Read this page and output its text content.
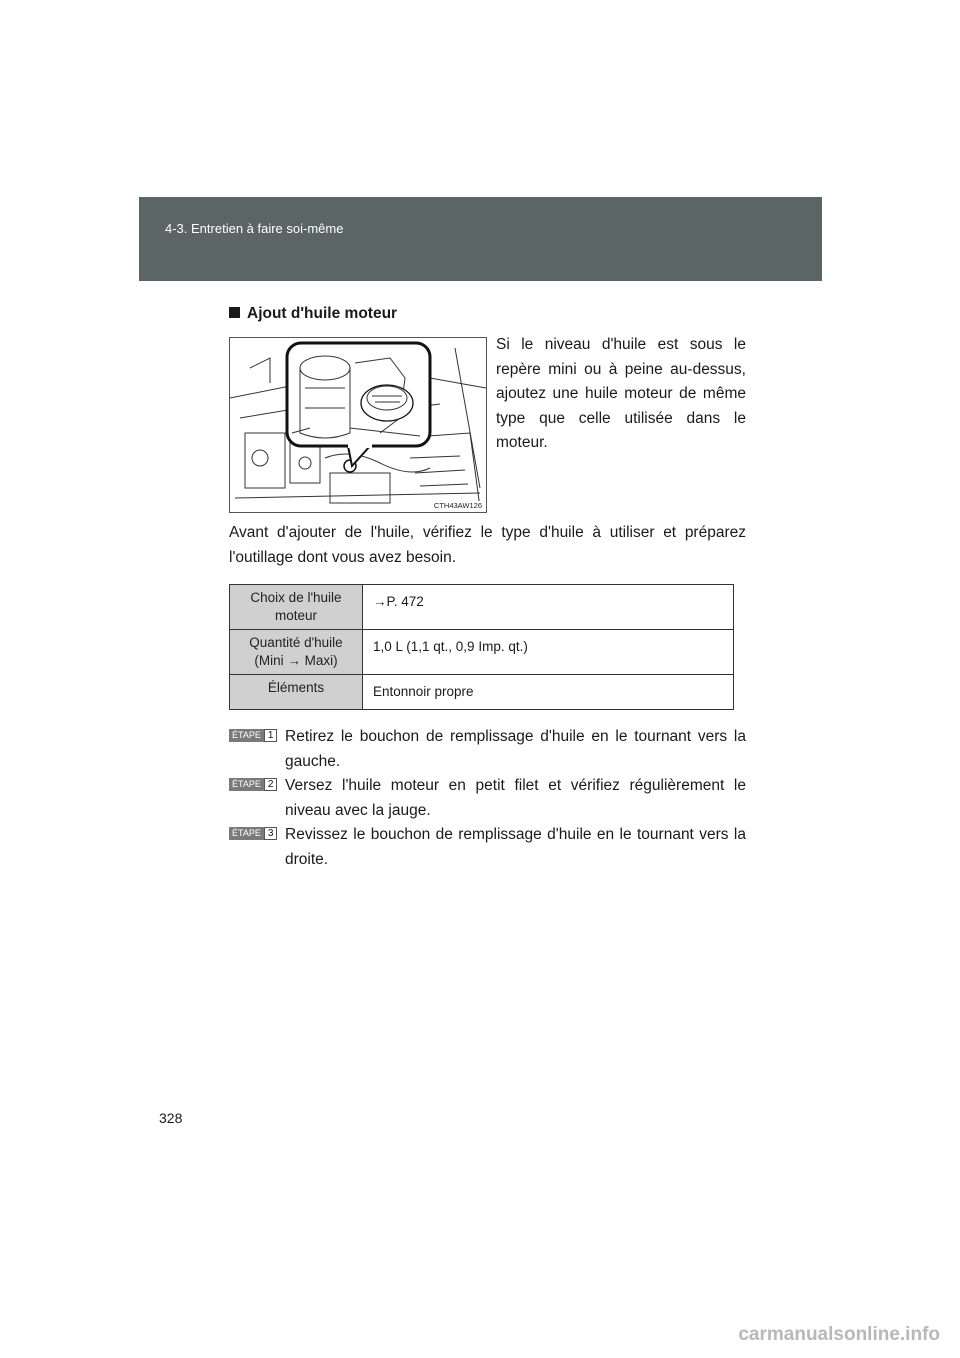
4-3. Entretien à faire soi-même
Ajout d'huile moteur
CTH43AW126
Si le niveau d'huile est sous le repère mini ou à peine au-dessus, ajoutez une huile moteur de même type que celle utilisée dans le moteur.
Avant d'ajouter de l'huile, vérifiez le type d'huile à utiliser et préparez l'outillage dont vous avez besoin.
Choix de l'huile moteur	→P. 472
Quantité d'huile (Mini → Maxi)	1,0 L (1,1 qt., 0,9 Imp. qt.)
Éléments	Entonnoir propre
ÉTAPE 1 Retirez le bouchon de remplissage d'huile en le tournant vers la gauche.
ÉTAPE 2 Versez l'huile moteur en petit filet et vérifiez régulièrement le niveau avec la jauge.
ÉTAPE 3 Revissez le bouchon de remplissage d'huile en le tournant vers la droite.
328
carmanualsonline.info
